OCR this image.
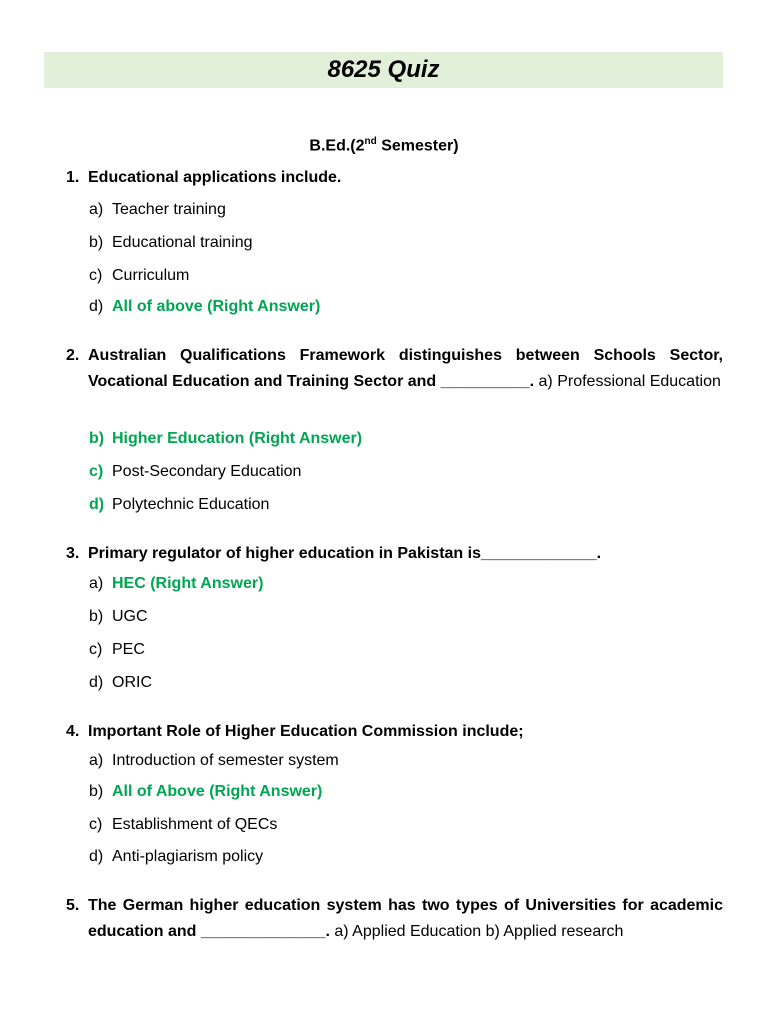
8625 Quiz
B.Ed.(2nd Semester)
1. Educational applications include.
a) Teacher training
b) Educational training
c) Curriculum
d) All of above (Right Answer)
2. Australian Qualifications Framework distinguishes between Schools Sector, Vocational Education and Training Sector and __________. a) Professional Education
b) Higher Education (Right Answer)
c) Post-Secondary Education
d) Polytechnic Education
3. Primary regulator of higher education in Pakistan is_____________.
a) HEC (Right Answer)
b) UGC
c) PEC
d) ORIC
4. Important Role of Higher Education Commission include;
a) Introduction of semester system
b) All of Above (Right Answer)
c) Establishment of QECs
d) Anti-plagiarism policy
5. The German higher education system has two types of Universities for academic education and ______________. a) Applied Education b) Applied research
